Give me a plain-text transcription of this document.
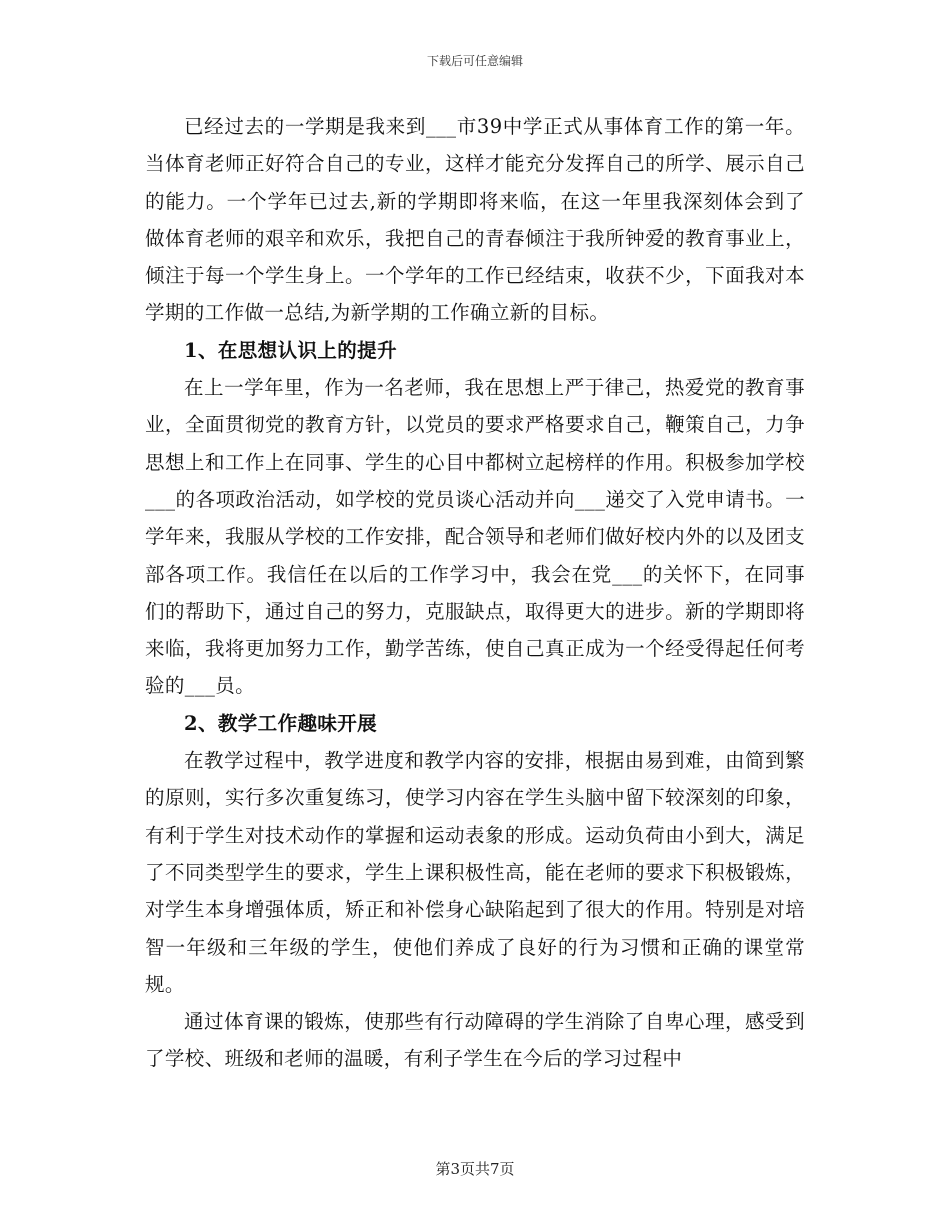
下载后可任意编辑

已经过去的一学期是我来到___市39中学正式从事体育工作的第一年。当体育老师正好符合自己的专业，这样才能充分发挥自己的所学、展示自己的能力。一个学年已过去,新的学期即将来临，在这一年里我深刻体会到了做体育老师的艰辛和欢乐，我把自己的青春倾注于我所钟爱的教育事业上，倾注于每一个学生身上。一个学年的工作已经结束，收获不少，下面我对本学期的工作做一总结,为新学期的工作确立新的目标。

1、在思想认识上的提升

在上一学年里，作为一名老师，我在思想上严于律己，热爱党的教育事业，全面贯彻党的教育方针，以党员的要求严格要求自己，鞭策自己，力争思想上和工作上在同事、学生的心目中都树立起榜样的作用。积极参加学校___的各项政治活动，如学校的党员谈心活动并向___递交了入党申请书。一学年来，我服从学校的工作安排，配合领导和老师们做好校内外的以及团支部各项工作。我信任在以后的工作学习中，我会在党___的关怀下，在同事们的帮助下，通过自己的努力，克服缺点，取得更大的进步。新的学期即将来临，我将更加努力工作，勤学苦练，使自己真正成为一个经受得起任何考验的___员。

2、教学工作趣味开展

在教学过程中，教学进度和教学内容的安排，根据由易到难，由简到繁的原则，实行多次重复练习，使学习内容在学生头脑中留下较深刻的印象，有利于学生对技术动作的掌握和运动表象的形成。运动负荷由小到大，满足了不同类型学生的要求，学生上课积极性高，能在老师的要求下积极锻炼，对学生本身增强体质，矫正和补偿身心缺陷起到了很大的作用。特别是对培智一年级和三年级的学生，使他们养成了良好的行为习惯和正确的课堂常规。

通过体育课的锻炼，使那些有行动障碍的学生消除了自卑心理，感受到了学校、班级和老师的温暖，有利子学生在今后的学习过程中

第3页共7页
